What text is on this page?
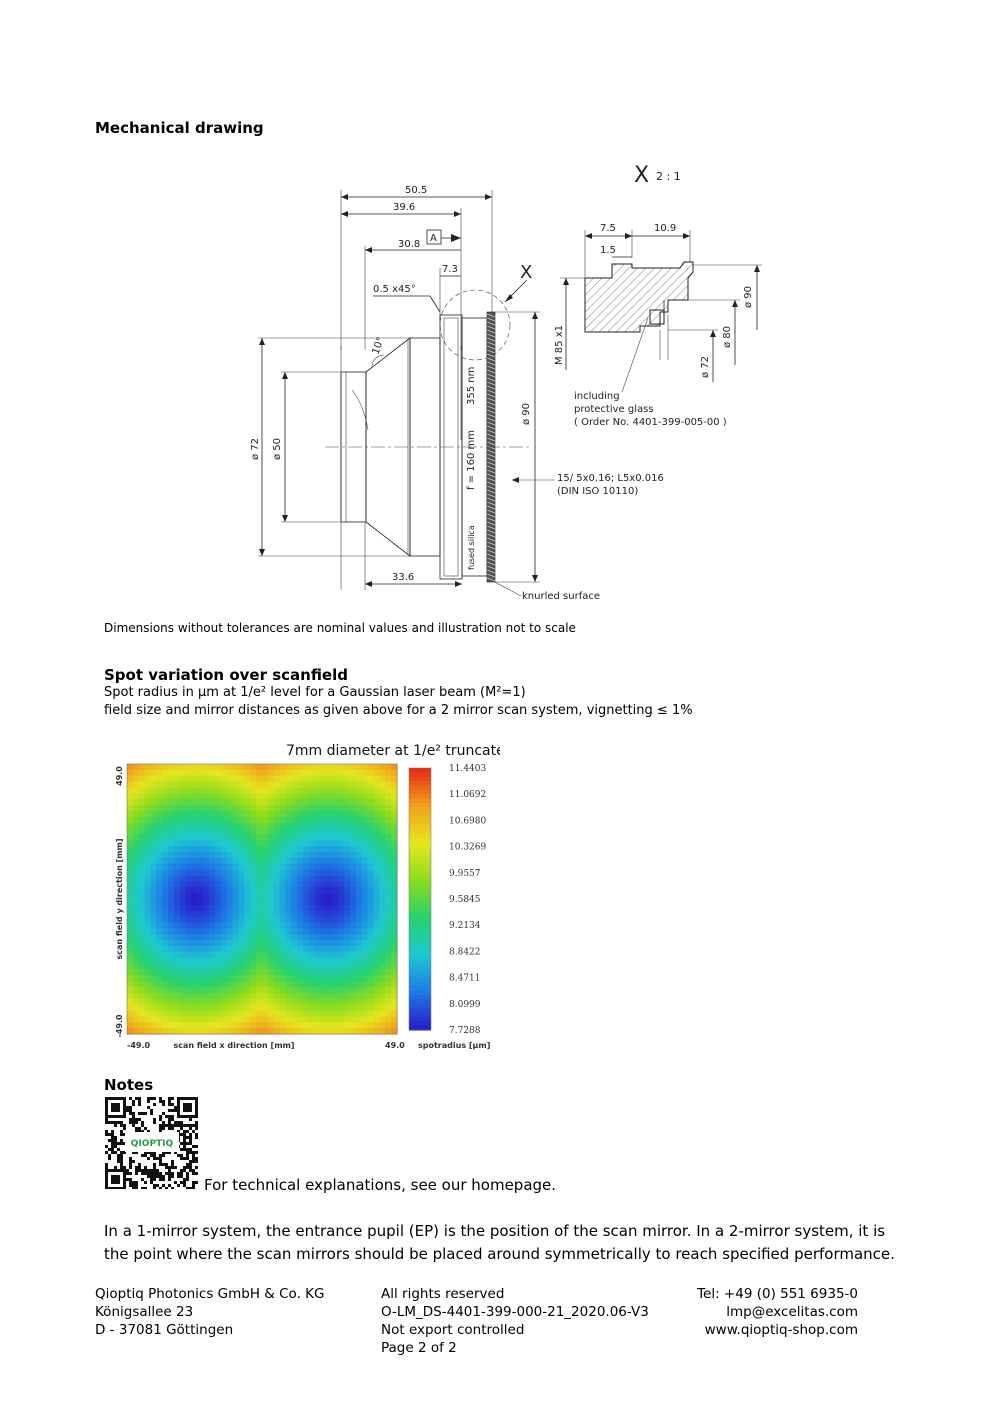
Mechanical drawing
50.5
39.6
30.8
A
7.3
0.5 x45°
X
10°
ø 72 ø 50
ø 90
f = 160 mm
355 nm
fused silica
33.6
knurled surface
15/ 5x0.16; L5x0.016
(DIN ISO 10110)
X 2 : 1
7.5	10.9
1.5
M 85 x1
ø 90
ø 72
ø 80
including
protective glass
( Order No. 4401-399-005-00 )
Dimensions without tolerances are nominal values and illustration not to scale
Spot variation over scanfield
Spot radius in µm at 1/e² level for a Gaussian laser beam (M²=1)
field size and mirror distances as given above for a 2 mirror scan system, vignetting ≤ 1%
7mm diameter at 1/e² truncated
49.0
-49.0
scan field y direction [mm]
-49.0	49.0
scan field x direction [mm]
11.4403
11.0692
10.6980
10.3269
9.9557
9.5845
9.2134
8.8422
8.4711
8.0999
7.7288
spotradius [µm]
Notes
QIOPTIQ
For technical explanations, see our homepage.
In a 1-mirror system, the entrance pupil (EP) is the position of the scan mirror. In a 2-mirror system, it is the point where the scan mirrors should be placed around symmetrically to reach specified performance.
Qioptiq Photonics GmbH & Co. KG
Königsallee 23
D - 37081 Göttingen
All rights reserved
O-LM_DS-4401-399-000-21_2020.06-V3
Not export controlled
Page 2 of 2
Tel: +49 (0) 551 6935-0
lmp@excelitas.com
www.qioptiq-shop.com
